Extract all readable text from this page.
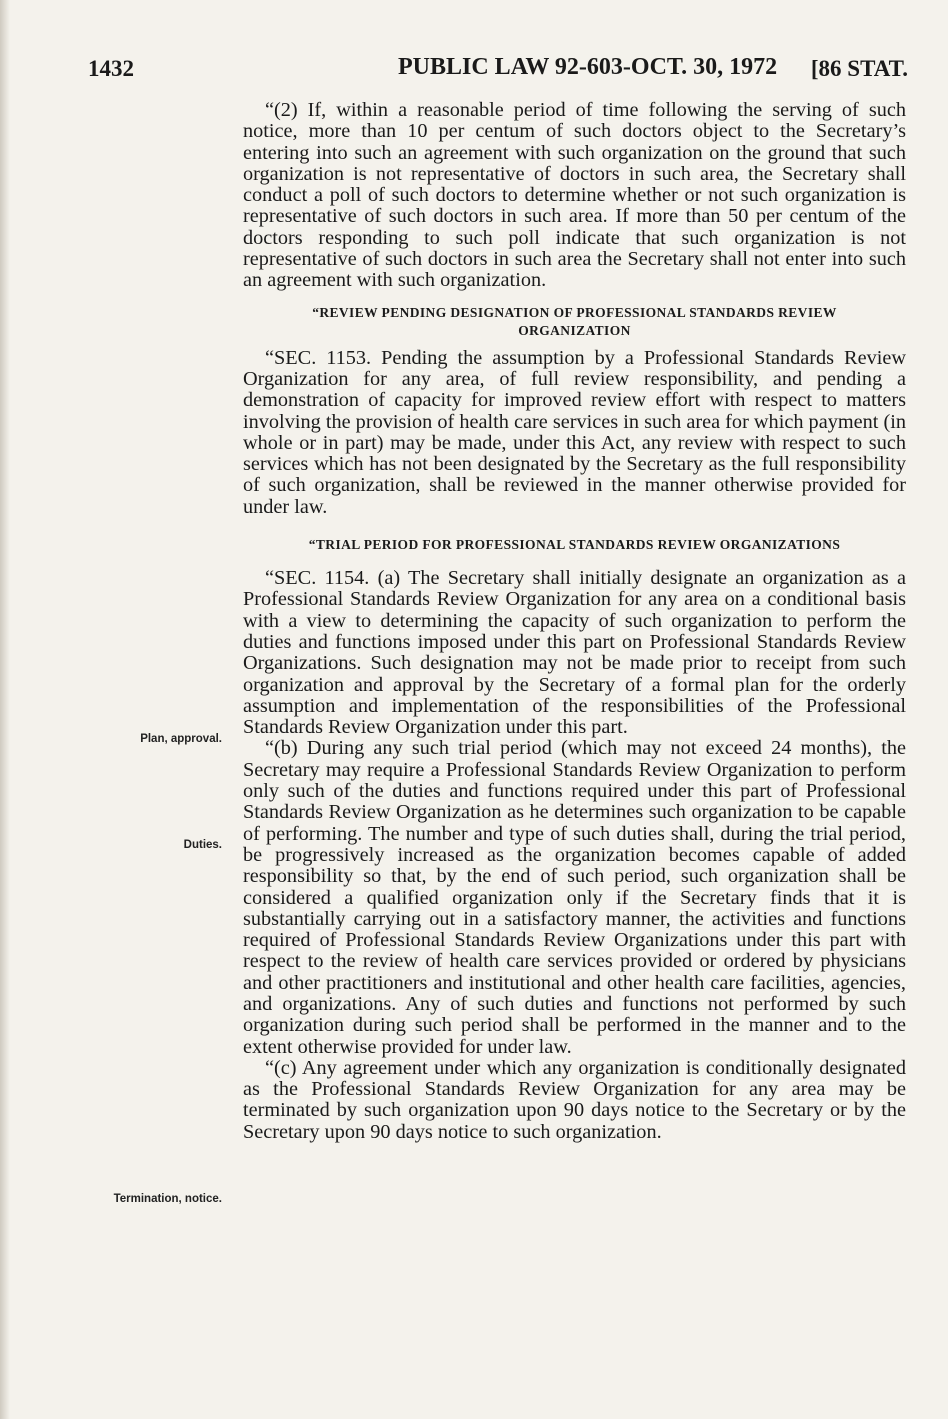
1432	PUBLIC LAW 92-603-OCT. 30, 1972 [86 STAT.
Plan, approval.
Duties.
Termination, notice.

“(2) If, within a reasonable period of time following the serving of such notice, more than 10 per centum of such doctors object to the Secretary’s entering into such an agreement with such organization on the ground that such organization is not representative of doctors in such area, the Secretary shall conduct a poll of such doctors to determine whether or not such organization is representative of such doctors in such area. If more than 50 per centum of the doctors responding to such poll indicate that such organization is not representative of such doctors in such area the Secretary shall not enter into such an agreement with such organization.

“REVIEW PENDING DESIGNATION OF PROFESSIONAL STANDARDS REVIEW ORGANIZATION

“SEC. 1153. Pending the assumption by a Professional Standards Review Organization for any area, of full review responsibility, and pending a demonstration of capacity for improved review effort with respect to matters involving the provision of health care services in such area for which payment (in whole or in part) may be made, under this Act, any review with respect to such services which has not been designated by the Secretary as the full responsibility of such organization, shall be reviewed in the manner otherwise provided for under law.

“TRIAL PERIOD FOR PROFESSIONAL STANDARDS REVIEW ORGANIZATIONS

“SEC. 1154. (a) The Secretary shall initially designate an organization as a Professional Standards Review Organization for any area on a conditional basis with a view to determining the capacity of such organization to perform the duties and functions imposed under this part on Professional Standards Review Organizations. Such designation may not be made prior to receipt from such organization and approval by the Secretary of a formal plan for the orderly assumption and implementation of the responsibilities of the Professional Standards Review Organization under this part.

“(b) During any such trial period (which may not exceed 24 months), the Secretary may require a Professional Standards Review Organization to perform only such of the duties and functions required under this part of Professional Standards Review Organization as he determines such organization to be capable of performing. The number and type of such duties shall, during the trial period, be progressively increased as the organization becomes capable of added responsibility so that, by the end of such period, such organization shall be considered a qualified organization only if the Secretary finds that it is substantially carrying out in a satisfactory manner, the activities and functions required of Professional Standards Review Organizations under this part with respect to the review of health care services provided or ordered by physicians and other practitioners and institutional and other health care facilities, agencies, and organizations. Any of such duties and functions not performed by such organization during such period shall be performed in the manner and to the extent otherwise provided for under law.

“(c) Any agreement under which any organization is conditionally designated as the Professional Standards Review Organization for any area may be terminated by such organization upon 90 days notice to the Secretary or by the Secretary upon 90 days notice to such organization.
